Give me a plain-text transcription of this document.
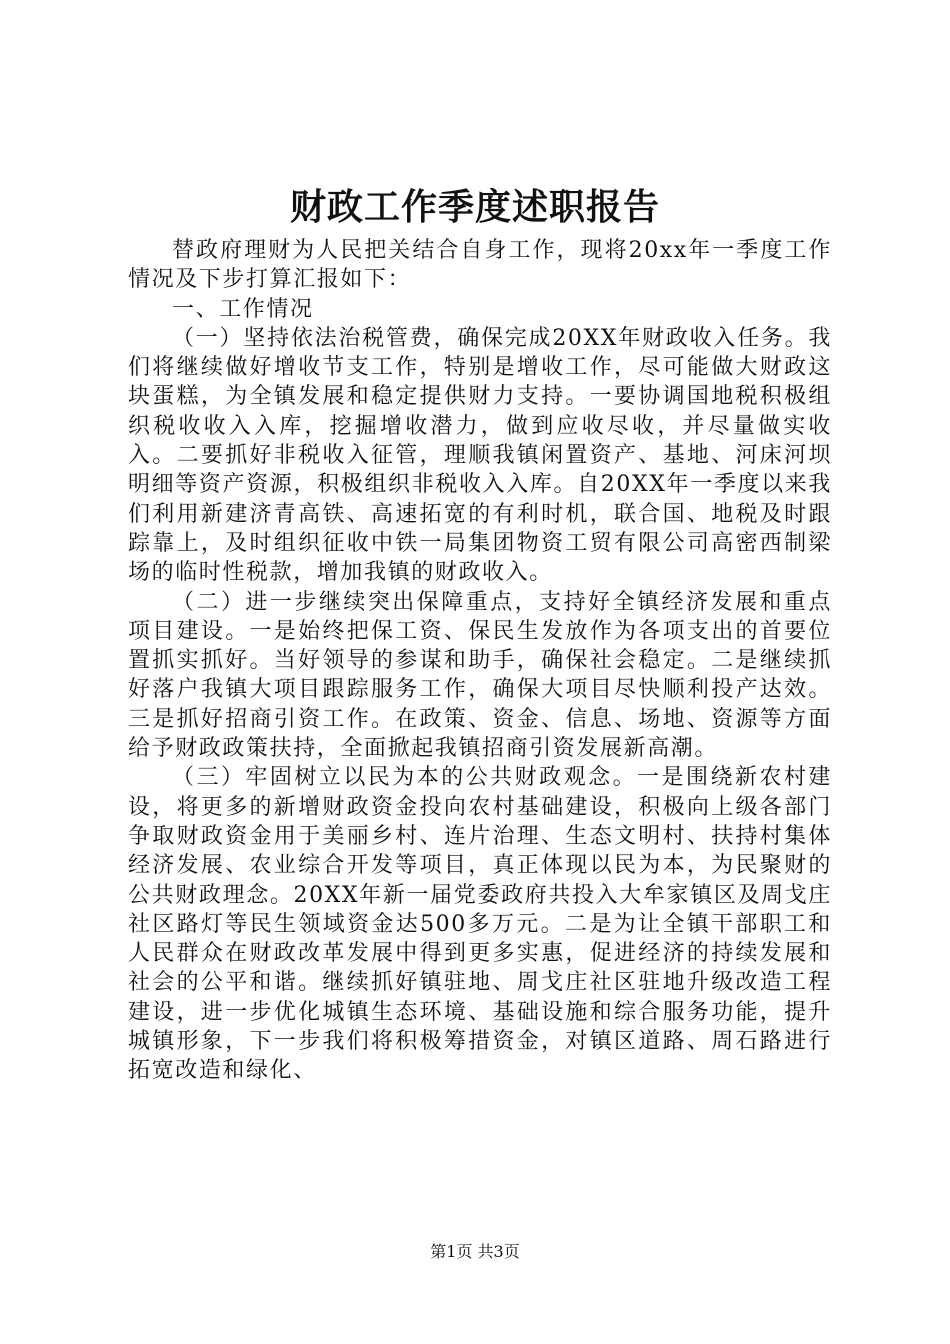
财政工作季度述职报告

替政府理财为人民把关结合自身工作，现将20xx年一季度工作情况及下步打算汇报如下：

一、工作情况

（一）坚持依法治税管费，确保完成20XX年财政收入任务。我们将继续做好增收节支工作，特别是增收工作，尽可能做大财政这块蛋糕，为全镇发展和稳定提供财力支持。一要协调国地税积极组织税收收入入库，挖掘增收潜力，做到应收尽收，并尽量做实收入。二要抓好非税收入征管，理顺我镇闲置资产、基地、河床河坝明细等资产资源，积极组织非税收入入库。自20XX年一季度以来我们利用新建济青高铁、高速拓宽的有利时机，联合国、地税及时跟踪靠上，及时组织征收中铁一局集团物资工贸有限公司高密西制梁场的临时性税款，增加我镇的财政收入。

（二）进一步继续突出保障重点，支持好全镇经济发展和重点项目建设。一是始终把保工资、保民生发放作为各项支出的首要位置抓实抓好。当好领导的参谋和助手，确保社会稳定。二是继续抓好落户我镇大项目跟踪服务工作，确保大项目尽快顺利投产达效。三是抓好招商引资工作。在政策、资金、信息、场地、资源等方面给予财政政策扶持，全面掀起我镇招商引资发展新高潮。

（三）牢固树立以民为本的公共财政观念。一是围绕新农村建设，将更多的新增财政资金投向农村基础建设，积极向上级各部门争取财政资金用于美丽乡村、连片治理、生态文明村、扶持村集体经济发展、农业综合开发等项目，真正体现以民为本，为民聚财的公共财政理念。20XX年新一届党委政府共投入大牟家镇区及周戈庄社区路灯等民生领域资金达500多万元。二是为让全镇干部职工和人民群众在财政改革发展中得到更多实惠，促进经济的持续发展和社会的公平和谐。继续抓好镇驻地、周戈庄社区驻地升级改造工程建设，进一步优化城镇生态环境、基础设施和综合服务功能，提升城镇形象，下一步我们将积极筹措资金，对镇区道路、周石路进行拓宽改造和绿化、

第1页 共3页
